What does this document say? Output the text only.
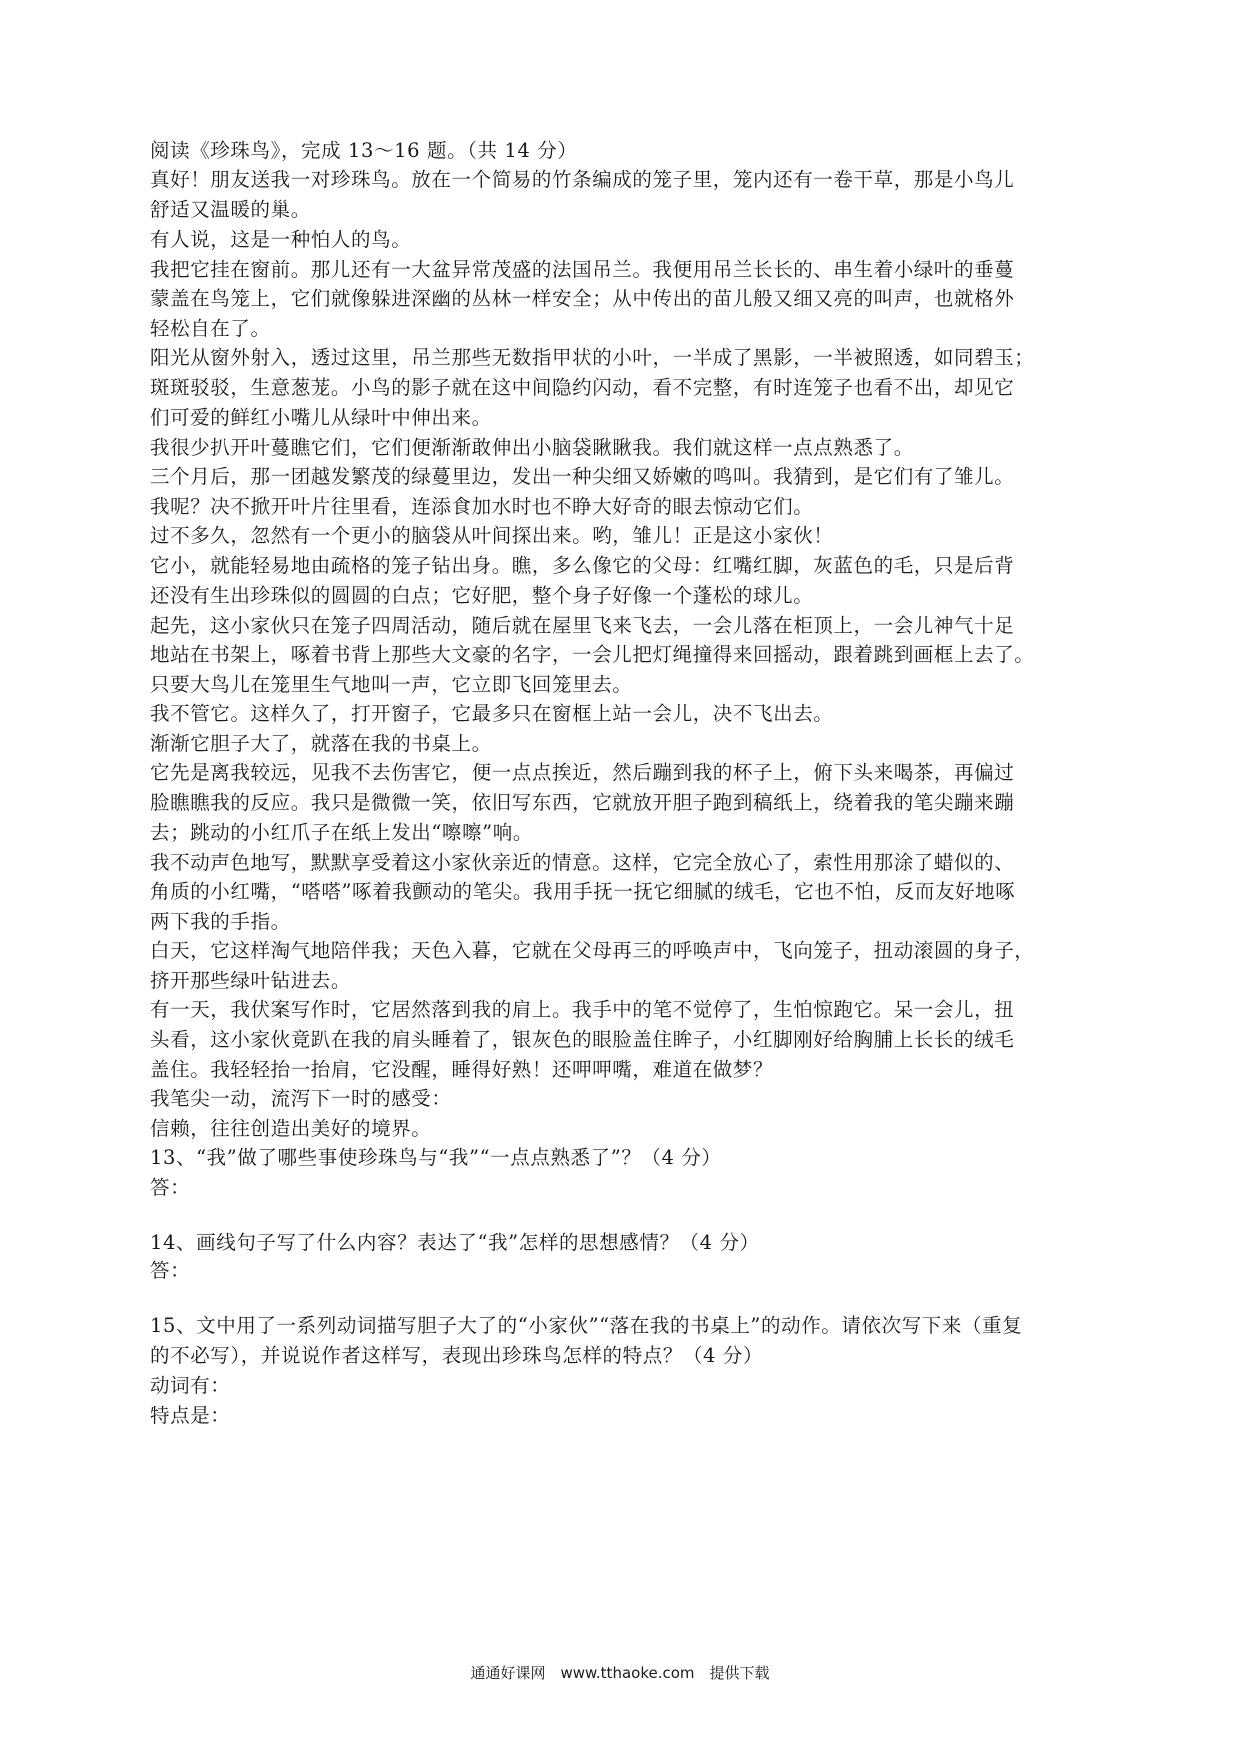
阅读《珍珠鸟》，完成 13～16 题。（共 14 分）
真好！朋友送我一对珍珠鸟。放在一个简易的竹条编成的笼子里，笼内还有一卷干草，那是小鸟儿
舒适又温暖的巢。
有人说，这是一种怕人的鸟。
我把它挂在窗前。那儿还有一大盆异常茂盛的法国吊兰。我便用吊兰长长的、串生着小绿叶的垂蔓
蒙盖在鸟笼上，它们就像躲进深幽的丛林一样安全；从中传出的苗儿般又细又亮的叫声，也就格外
轻松自在了。
阳光从窗外射入，透过这里，吊兰那些无数指甲状的小叶，一半成了黑影，一半被照透，如同碧玉；
斑斑驳驳，生意葱茏。小鸟的影子就在这中间隐约闪动，看不完整，有时连笼子也看不出，却见它
们可爱的鲜红小嘴儿从绿叶中伸出来。
我很少扒开叶蔓瞧它们，它们便渐渐敢伸出小脑袋瞅瞅我。我们就这样一点点熟悉了。
三个月后，那一团越发繁茂的绿蔓里边，发出一种尖细又娇嫩的鸣叫。我猜到，是它们有了雏儿。
我呢？决不掀开叶片往里看，连添食加水时也不睁大好奇的眼去惊动它们。
过不多久，忽然有一个更小的脑袋从叶间探出来。哟，雏儿！正是这小家伙！
它小，就能轻易地由疏格的笼子钻出身。瞧，多么像它的父母：红嘴红脚，灰蓝色的毛，只是后背
还没有生出珍珠似的圆圆的白点；它好肥，整个身子好像一个蓬松的球儿。
起先，这小家伙只在笼子四周活动，随后就在屋里飞来飞去，一会儿落在柜顶上，一会儿神气十足
地站在书架上，啄着书背上那些大文豪的名字，一会儿把灯绳撞得来回摇动，跟着跳到画框上去了。
只要大鸟儿在笼里生气地叫一声，它立即飞回笼里去。
我不管它。这样久了，打开窗子，它最多只在窗框上站一会儿，决不飞出去。
渐渐它胆子大了，就落在我的书桌上。
它先是离我较远，见我不去伤害它，便一点点挨近，然后蹦到我的杯子上，俯下头来喝茶，再偏过
脸瞧瞧我的反应。我只是微微一笑，依旧写东西，它就放开胆子跑到稿纸上，绕着我的笔尖蹦来蹦
去；跳动的小红爪子在纸上发出“嚓嚓”响。
我不动声色地写，默默享受着这小家伙亲近的情意。这样，它完全放心了，索性用那涂了蜡似的、
角质的小红嘴，“嗒嗒”啄着我颤动的笔尖。我用手抚一抚它细腻的绒毛，它也不怕，反而友好地啄
两下我的手指。
白天，它这样淘气地陪伴我；天色入暮，它就在父母再三的呼唤声中，飞向笼子，扭动滚圆的身子，
挤开那些绿叶钻进去。
有一天，我伏案写作时，它居然落到我的肩上。我手中的笔不觉停了，生怕惊跑它。呆一会儿，扭
头看，这小家伙竟趴在我的肩头睡着了，银灰色的眼脸盖住眸子，小红脚刚好给胸脯上长长的绒毛
盖住。我轻轻抬一抬肩，它没醒，睡得好熟！还呷呷嘴，难道在做梦？
我笔尖一动，流泻下一时的感受：
信赖，往往创造出美好的境界。
13、“我”做了哪些事使珍珠鸟与“我”“一点点熟悉了”？（4 分）
答：
14、画线句子写了什么内容？表达了“我”怎样的思想感情？（4 分）
答：
15、文中用了一系列动词描写胆子大了的“小家伙”“落在我的书桌上”的动作。请依次写下来（重复
的不必写），并说说作者这样写，表现出珍珠鸟怎样的特点？（4 分）
动词有：
特点是：
通通好课网　www.tthaoke.com　提供下载
